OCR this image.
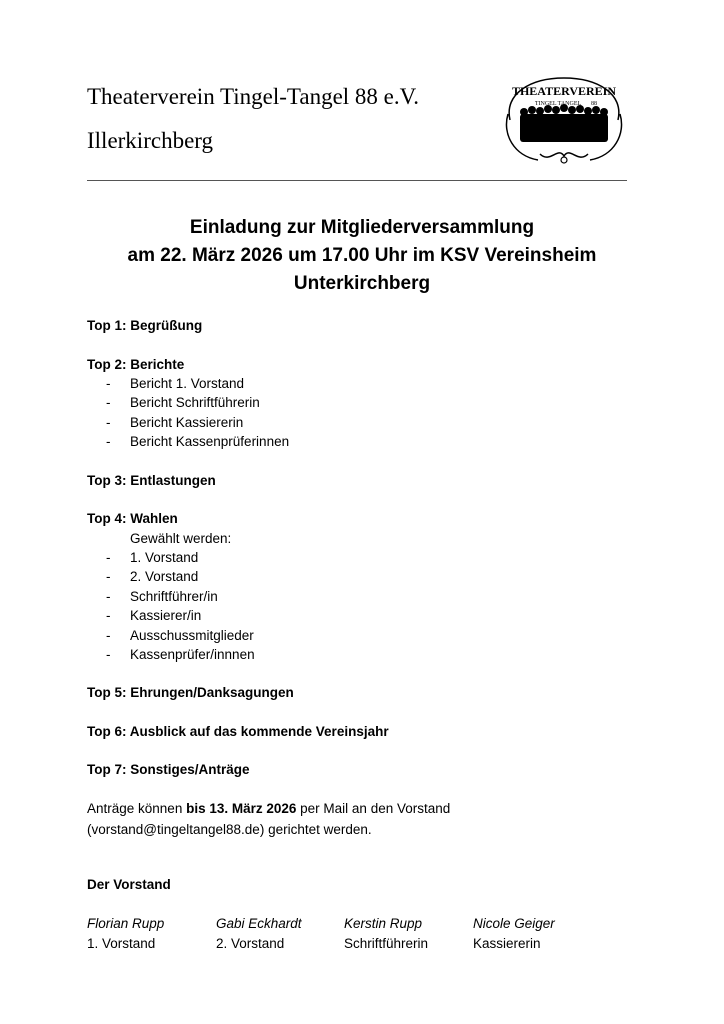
Theaterverein Tingel-Tangel 88 e.V.
Illerkirchberg
THEATERVEREIN
TINGEL TANGEL 88
Einladung zur Mitgliederversammlung
am 22. März 2026 um 17.00 Uhr im KSV Vereinsheim
Unterkirchberg
Top 1: Begrüßung
Top 2: Berichte
- Bericht 1. Vorstand
- Bericht Schriftführerin
- Bericht Kassiererin
- Bericht Kassenprüferinnen
Top 3: Entlastungen
Top 4: Wahlen
Gewählt werden:
- 1. Vorstand
- 2. Vorstand
- Schriftführer/in
- Kassierer/in
- Ausschussmitglieder
- Kassenprüfer/innnen
Top 5: Ehrungen/Danksagungen
Top 6: Ausblick auf das kommende Vereinsjahr
Top 7: Sonstiges/Anträge
Anträge können bis 13. März 2026 per Mail an den Vorstand
(vorstand@tingeltangel88.de) gerichtet werden.
Der Vorstand
Florian Rupp
1. Vorstand
Gabi Eckhardt
2. Vorstand
Kerstin Rupp
Schriftführerin
Nicole Geiger
Kassiererin
